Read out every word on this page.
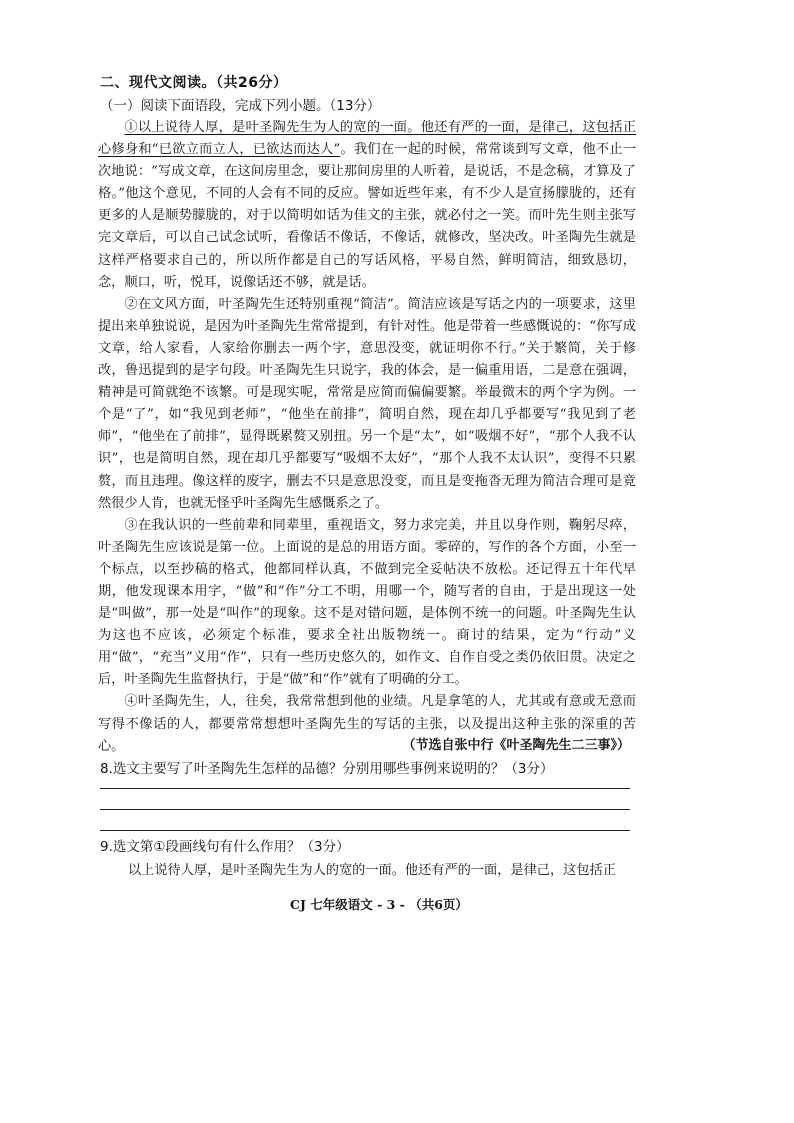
二、现代文阅读。（共26分）
（一）阅读下面语段，完成下列小题。（13分）

①以上说待人厚，是叶圣陶先生为人的宽的一面。他还有严的一面，是律己，这包括正心修身和“已欲立而立人，已欲达而达人”。我们在一起的时候，常常谈到写文章，他不止一次地说：“写成文章，在这间房里念，要让那间房里的人听着，是说话，不是念稿，才算及了格。”他这个意见，不同的人会有不同的反应。譬如近些年来，有不少人是宣扬朦胧的，还有更多的人是顺势朦胧的，对于以简明如话为佳文的主张，就必付之一笑。而叶先生则主张写完文章后，可以自己试念试听，看像话不像话，不像话，就修改，坚决改。叶圣陶先生就是这样严格要求自己的，所以所作都是自己的写话风格，平易自然，鲜明简洁，细致恳切，念，顺口，听，悦耳，说像话还不够，就是话。

②在文风方面，叶圣陶先生还特别重视“简洁”。简洁应该是写话之内的一项要求，这里提出来单独说说，是因为叶圣陶先生常常提到，有针对性。他是带着一些感慨说的：“你写成文章，给人家看，人家给你删去一两个字，意思没变，就证明你不行。”关于繁简，关于修改，鲁迅提到的是字句段。叶圣陶先生只说字，我的体会，是一偏重用语，二是意在强调，精神是可简就绝不该繁。可是现实呢，常常是应简而偏偏要繁。举最微末的两个字为例。一个是“了”，如“我见到老师”，“他坐在前排”，简明自然，现在却几乎都要写“我见到了老师”，“他坐在了前排”，显得既累赘又别扭。另一个是“太”，如“吸烟不好”，“那个人我不认识”，也是简明自然，现在却几乎都要写“吸烟不太好”，“那个人我不太认识”，变得不只累赘，而且违理。像这样的废字，删去不只是意思没变，而且是变拖沓无理为简洁合理可是竟然很少人肯，也就无怪乎叶圣陶先生感慨系之了。

③在我认识的一些前辈和同辈里，重视语文，努力求完美，并且以身作则，鞠躬尽瘁，叶圣陶先生应该说是第一位。上面说的是总的用语方面。零碎的，写作的各个方面，小至一个标点，以至抄稿的格式，他都同样认真，不做到完全妥帖决不放松。还记得五十年代早期，他发现课本用字，“做”和“作”分工不明，用哪一个，随写者的自由，于是出现这一处是“叫做”，那一处是“叫作”的现象。这不是对错问题，是体例不统一的问题。叶圣陶先生认为这也不应该，必须定个标准，要求全社出版物统一。商讨的结果，定为“行动”义用“做”，“充当”义用“作”，只有一些历史悠久的，如作文、自作自受之类仍依旧贯。决定之后，叶圣陶先生监督执行，于是“做”和“作”就有了明确的分工。

④叶圣陶先生，人，往矣，我常常想到他的业绩。凡是拿笔的人，尤其或有意或无意而写得不像话的人，都要常常想想叶圣陶先生的写话的主张，以及提出这种主张的深重的苦心。	（节选自张中行《叶圣陶先生二三事》）
8.选文主要写了叶圣陶先生怎样的品德？分别用哪些事例来说明的？（3分）
9.选文第①段画线句有什么作用？（3分）
以上说待人厚，是叶圣陶先生为人的宽的一面。他还有严的一面，是律己，这包括正
CJ 七年级语文 - 3 - （共6页）
